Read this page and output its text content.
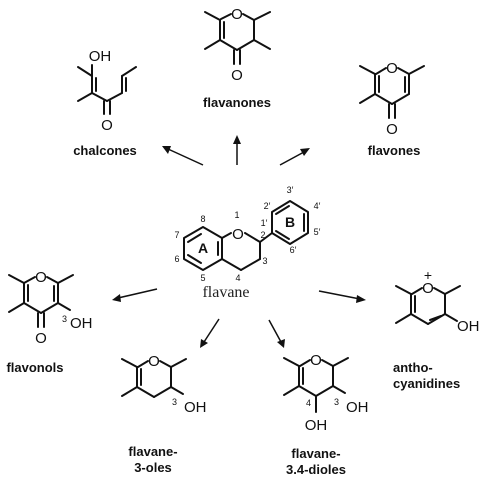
O
A
B
8
7
6
5	4
3
2
1
1′
2′
3′
4′
5′
6′
flavane
O
O
flavanones
OH
O
chalcones
O
O
flavones
O
O
OH
3
flavonols
O
+
OH
antho-
cyanidines
O
OH
3
flavane-
3-oles
O
OH
OH
3
4
flavane-
3.4-dioles
